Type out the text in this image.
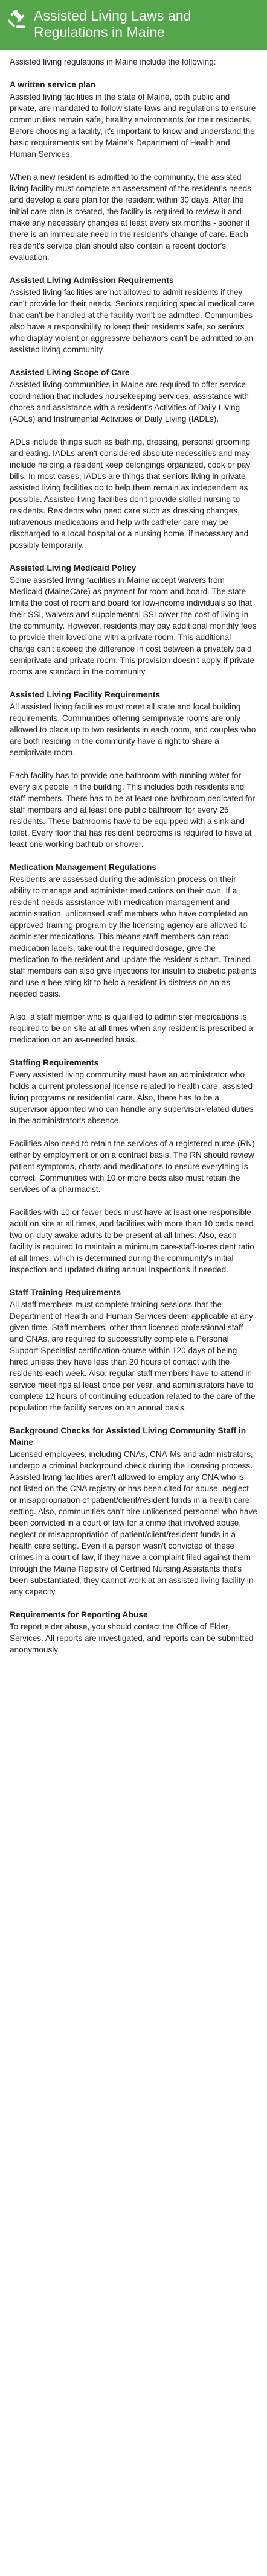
Assisted Living Laws and Regulations in Maine

Assisted living regulations in Maine include the following:

A written service plan

Assisted living facilities in the state of Maine, both public and private, are mandated to follow state laws and regulations to ensure communities remain safe, healthy environments for their residents. Before choosing a facility, it's important to know and understand the basic requirements set by Maine's Department of Health and Human Services.

When a new resident is admitted to the community, the assisted living facility must complete an assessment of the resident's needs and develop a care plan for the resident within 30 days. After the initial care plan is created, the facility is required to review it and make any necessary changes at least every six months - sooner if there is an immediate need in the resident's change of care. Each resident's service plan should also contain a recent doctor's evaluation.

Assisted Living Admission Requirements

Assisted living facilities are not allowed to admit residents if they can't provide for their needs. Seniors requiring special medical care that can't be handled at the facility won't be admitted. Communities also have a responsibility to keep their residents safe, so seniors who display violent or aggressive behaviors can't be admitted to an assisted living community.

Assisted Living Scope of Care

Assisted living communities in Maine are required to offer service coordination that includes housekeeping services, assistance with chores and assistance with a resident's Activities of Daily Living (ADLs) and Instrumental Activities of Daily Living (IADLs).

ADLs include things such as bathing, dressing, personal grooming and eating. IADLs aren't considered absolute necessities and may include helping a resident keep belongings organized, cook or pay bills. In most cases, IADLs are things that seniors living in private assisted living facilities do to help them remain as independent as possible. Assisted living facilities don't provide skilled nursing to residents. Residents who need care such as dressing changes, intravenous medications and help with catheter care may be discharged to a local hospital or a nursing home, if necessary and possibly temporarily.

Assisted Living Medicaid Policy

Some assisted living facilities in Maine accept waivers from Medicaid (MaineCare) as payment for room and board. The state limits the cost of room and board for low-income individuals so that their SSI, waivers and supplemental SSI cover the cost of living in the community. However, residents may pay additional monthly fees to provide their loved one with a private room. This additional charge can't exceed the difference in cost between a privately paid semiprivate and private room. This provision doesn't apply if private rooms are standard in the community.

Assisted Living Facility Requirements

All assisted living facilities must meet all state and local building requirements. Communities offering semiprivate rooms are only allowed to place up to two residents in each room, and couples who are both residing in the community have a right to share a semiprivate room.

Each facility has to provide one bathroom with running water for every six people in the building. This includes both residents and staff members. There has to be at least one bathroom dedicated for staff members and at least one public bathroom for every 25 residents. These bathrooms have to be equipped with a sink and toilet. Every floor that has resident bedrooms is required to have at least one working bathtub or shower.

Medication Management Regulations

Residents are assessed during the admission process on their ability to manage and administer medications on their own. If a resident needs assistance with medication management and administration, unlicensed staff members who have completed an approved training program by the licensing agency are allowed to administer medications. This means staff members can read medication labels, take out the required dosage, give the medication to the resident and update the resident's chart. Trained staff members can also give injections for insulin to diabetic patients and use a bee sting kit to help a resident in distress on an as-needed basis.

Also, a staff member who is qualified to administer medications is required to be on site at all times when any resident is prescribed a medication on an as-needed basis.

Staffing Requirements

Every assisted living community must have an administrator who holds a current professional license related to health care, assisted living programs or residential care. Also, there has to be a supervisor appointed who can handle any supervisor-related duties in the administrator's absence.

Facilities also need to retain the services of a registered nurse (RN) either by employment or on a contract basis. The RN should review patient symptoms, charts and medications to ensure everything is correct. Communities with 10 or more beds also must retain the services of a pharmacist.

Facilities with 10 or fewer beds must have at least one responsible adult on site at all times, and facilities with more than 10 beds need two on-duty awake adults to be present at all times. Also, each facility is required to maintain a minimum care-staff-to-resident ratio at all times, which is determined during the community's initial inspection and updated during annual inspections if needed.

Staff Training Requirements

All staff members must complete training sessions that the Department of Health and Human Services deem applicable at any given time. Staff members, other than licensed professional staff and CNAs, are required to successfully complete a Personal Support Specialist certification course within 120 days of being hired unless they have less than 20 hours of contact with the residents each week. Also, regular staff members have to attend in-service meetings at least once per year, and administrators have to complete 12 hours of continuing education related to the care of the population the facility serves on an annual basis.

Background Checks for Assisted Living Community Staff in Maine

Licensed employees, including CNAs, CNA-Ms and administrators, undergo a criminal background check during the licensing process. Assisted living facilities aren't allowed to employ any CNA who is not listed on the CNA registry or has been cited for abuse, neglect or misappropriation of patient/client/resident funds in a health care setting. Also, communities can't hire unlicensed personnel who have been convicted in a court of law for a crime that involved abuse, neglect or misappropriation of patient/client/resident funds in a health care setting. Even if a person wasn't convicted of these crimes in a court of law, if they have a complaint filed against them through the Maine Registry of Certified Nursing Assistants that's been substantiated, they cannot work at an assisted living facility in any capacity.

Requirements for Reporting Abuse

To report elder abuse, you should contact the Office of Elder Services. All reports are investigated, and reports can be submitted anonymously.
